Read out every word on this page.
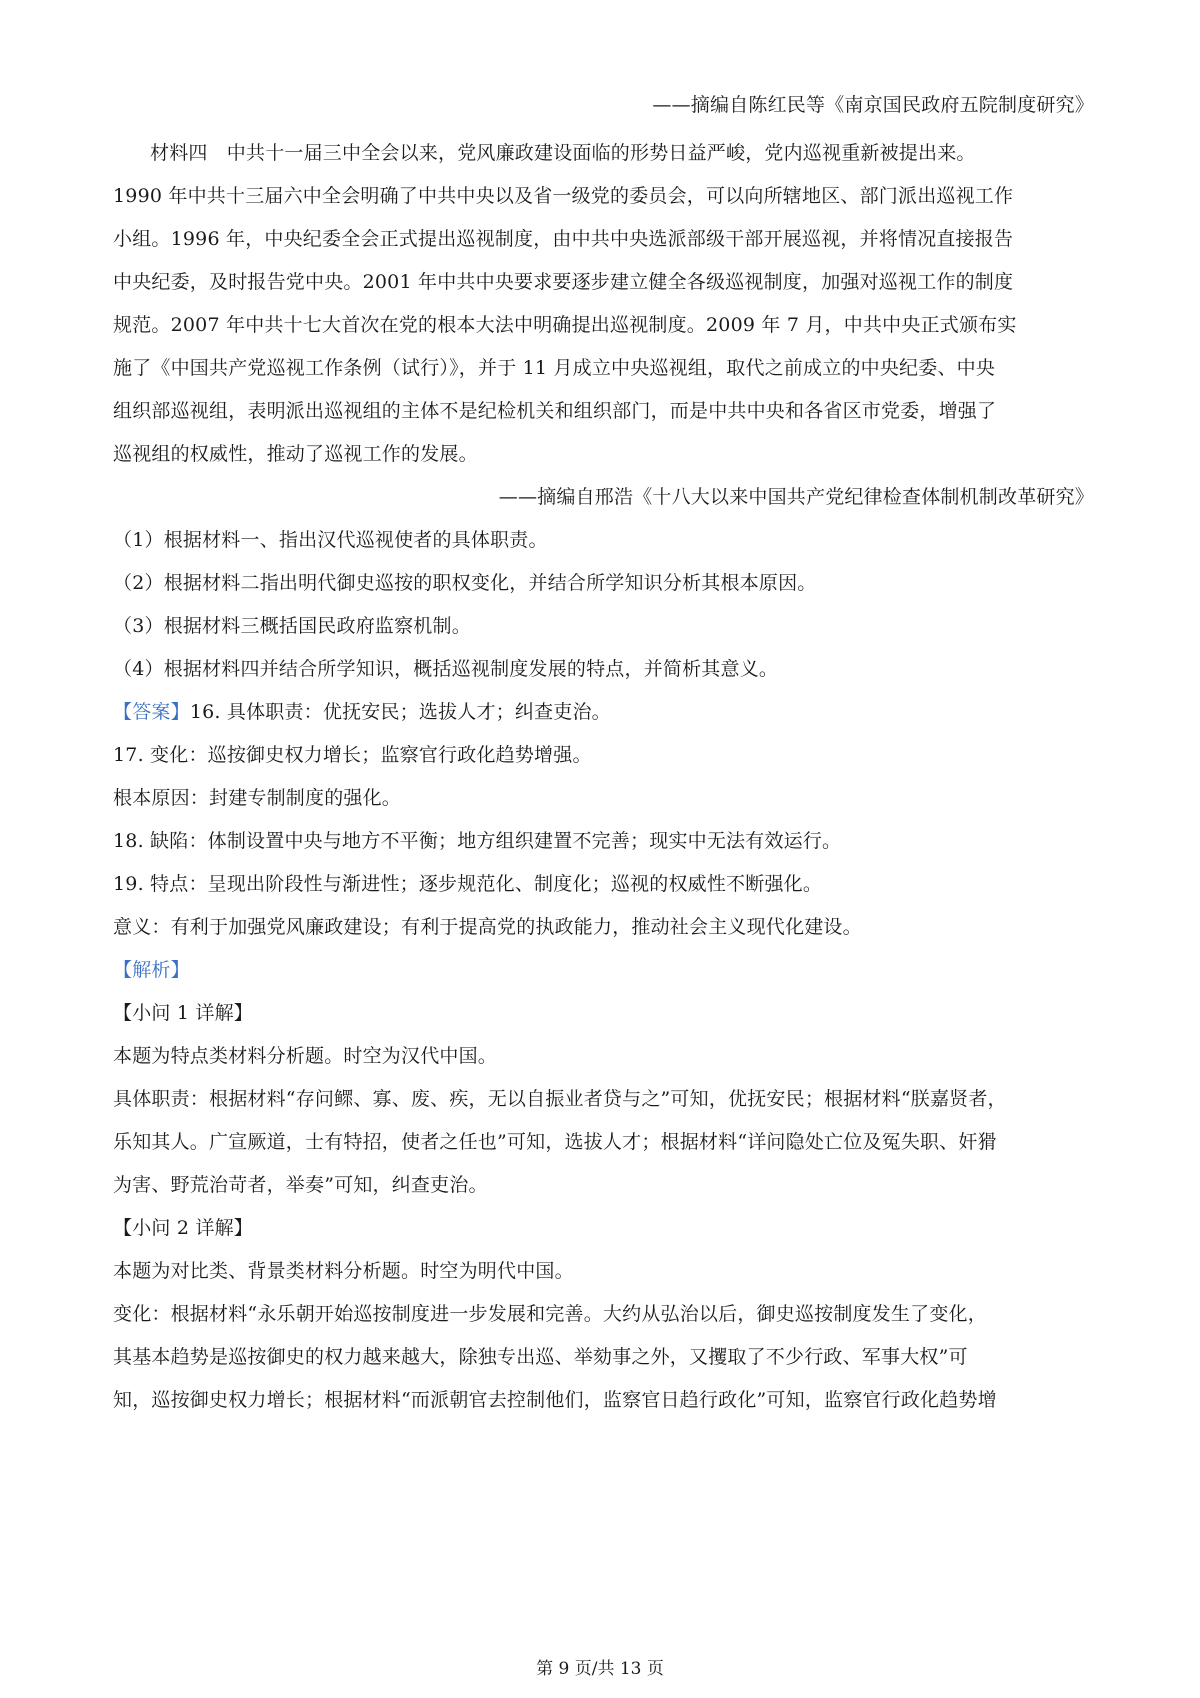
——摘编自陈红民等《南京国民政府五院制度研究》
材料四　中共十一届三中全会以来，党风廉政建设面临的形势日益严峻，党内巡视重新被提出来。
1990 年中共十三届六中全会明确了中共中央以及省一级党的委员会，可以向所辖地区、部门派出巡视工作
小组。1996 年，中央纪委全会正式提出巡视制度，由中共中央选派部级干部开展巡视，并将情况直接报告
中央纪委，及时报告党中央。2001 年中共中央要求要逐步建立健全各级巡视制度，加强对巡视工作的制度
规范。2007 年中共十七大首次在党的根本大法中明确提出巡视制度。2009 年 7 月，中共中央正式颁布实
施了《中国共产党巡视工作条例（试行）》，并于 11 月成立中央巡视组，取代之前成立的中央纪委、中央
组织部巡视组，表明派出巡视组的主体不是纪检机关和组织部门，而是中共中央和各省区市党委，增强了
巡视组的权威性，推动了巡视工作的发展。
——摘编自邢浩《十八大以来中国共产党纪律检查体制机制改革研究》
（1）根据材料一、指出汉代巡视使者的具体职责。
（2）根据材料二指出明代御史巡按的职权变化，并结合所学知识分析其根本原因。
（3）根据材料三概括国民政府监察机制。
（4）根据材料四并结合所学知识，概括巡视制度发展的特点，并简析其意义。
【答案】16. 具体职责：优抚安民；选拔人才；纠查吏治。
17. 变化：巡按御史权力增长；监察官行政化趋势增强。
根本原因：封建专制制度的强化。
18. 缺陷：体制设置中央与地方不平衡；地方组织建置不完善；现实中无法有效运行。
19. 特点：呈现出阶段性与渐进性；逐步规范化、制度化；巡视的权威性不断强化。
意义：有利于加强党风廉政建设；有利于提高党的执政能力，推动社会主义现代化建设。
【解析】
【小问 1 详解】
本题为特点类材料分析题。时空为汉代中国。
具体职责：根据材料“存问鳏、寡、废、疾，无以自振业者贷与之”可知，优抚安民；根据材料“朕嘉贤者，
乐知其人。广宣厥道，士有特招，使者之任也”可知，选拔人才；根据材料“详问隐处亡位及冤失职、奸猾
为害、野荒治苛者，举奏”可知，纠查吏治。
【小问 2 详解】
本题为对比类、背景类材料分析题。时空为明代中国。
变化：根据材料“永乐朝开始巡按制度进一步发展和完善。大约从弘治以后，御史巡按制度发生了变化，
其基本趋势是巡按御史的权力越来越大，除独专出巡、举劾事之外，又攫取了不少行政、军事大权”可
知，巡按御史权力增长；根据材料“而派朝官去控制他们，监察官日趋行政化”可知，监察官行政化趋势增
第 9 页/共 13 页
